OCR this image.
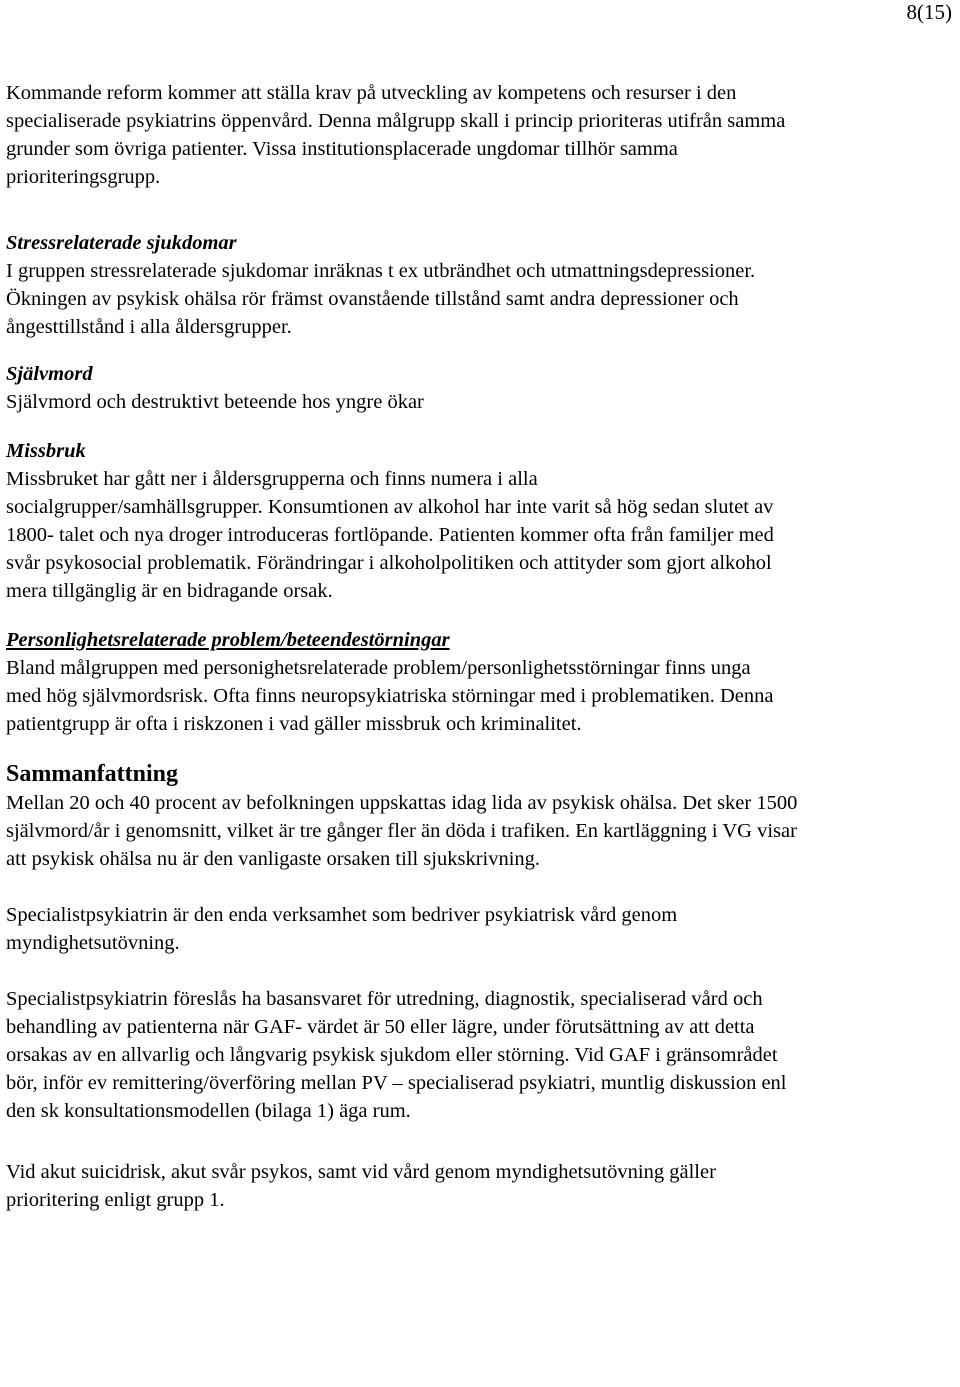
8(15)

Kommande reform kommer att ställa krav på utveckling av kompetens och resurser i den specialiserade psykiatrins öppenvård. Denna målgrupp skall i princip prioriteras utifrån samma grunder som övriga patienter. Vissa institutionsplacerade ungdomar tillhör samma prioriteringsgrupp.

Stressrelaterade sjukdomar

I gruppen stressrelaterade sjukdomar inräknas t ex utbrändhet och utmattningsdepressioner. Ökningen av psykisk ohälsa rör främst ovanstående tillstånd samt andra depressioner och ångesttillstånd i alla åldersgrupper.

Självmord

Självmord och destruktivt beteende hos yngre ökar

Missbruk

Missbruket har gått ner i åldersgrupperna och finns numera i alla socialgrupper/samhällsgrupper. Konsumtionen av alkohol har inte varit så hög sedan slutet av 1800- talet och nya droger introduceras fortlöpande. Patienten kommer ofta från familjer med svår psykosocial problematik. Förändringar i alkoholpolitiken och attityder som gjort alkohol mera tillgänglig är en bidragande orsak.

Personlighetsrelaterade problem/beteendestörningar

Bland målgruppen med personighetsrelaterade problem/personlighetsstörningar finns unga med hög självmordsrisk. Ofta finns neuropsykiatriska störningar med i problematiken. Denna patientgrupp är ofta i riskzonen i vad gäller missbruk och kriminalitet.

Sammanfattning

Mellan 20 och 40 procent av befolkningen uppskattas idag lida av psykisk ohälsa. Det sker 1500 självmord/år i genomsnitt, vilket är tre gånger fler än döda i trafiken. En kartläggning i VG visar att psykisk ohälsa nu är den vanligaste orsaken till sjukskrivning.

Specialistpsykiatrin är den enda verksamhet som bedriver psykiatrisk vård genom myndighetsutövning.

Specialistpsykiatrin föreslås ha basansvaret för utredning, diagnostik, specialiserad vård och behandling av patienterna när GAF- värdet är 50 eller lägre, under förutsättning av att detta orsakas av en allvarlig och långvarig psykisk sjukdom eller störning. Vid GAF i gränsområdet bör, inför ev remittering/överföring mellan PV – specialiserad psykiatri, muntlig diskussion enl den sk konsultationsmodellen (bilaga 1) äga rum.

Vid akut suicidrisk, akut svår psykos, samt vid vård genom myndighetsutövning gäller prioritering enligt grupp 1.
